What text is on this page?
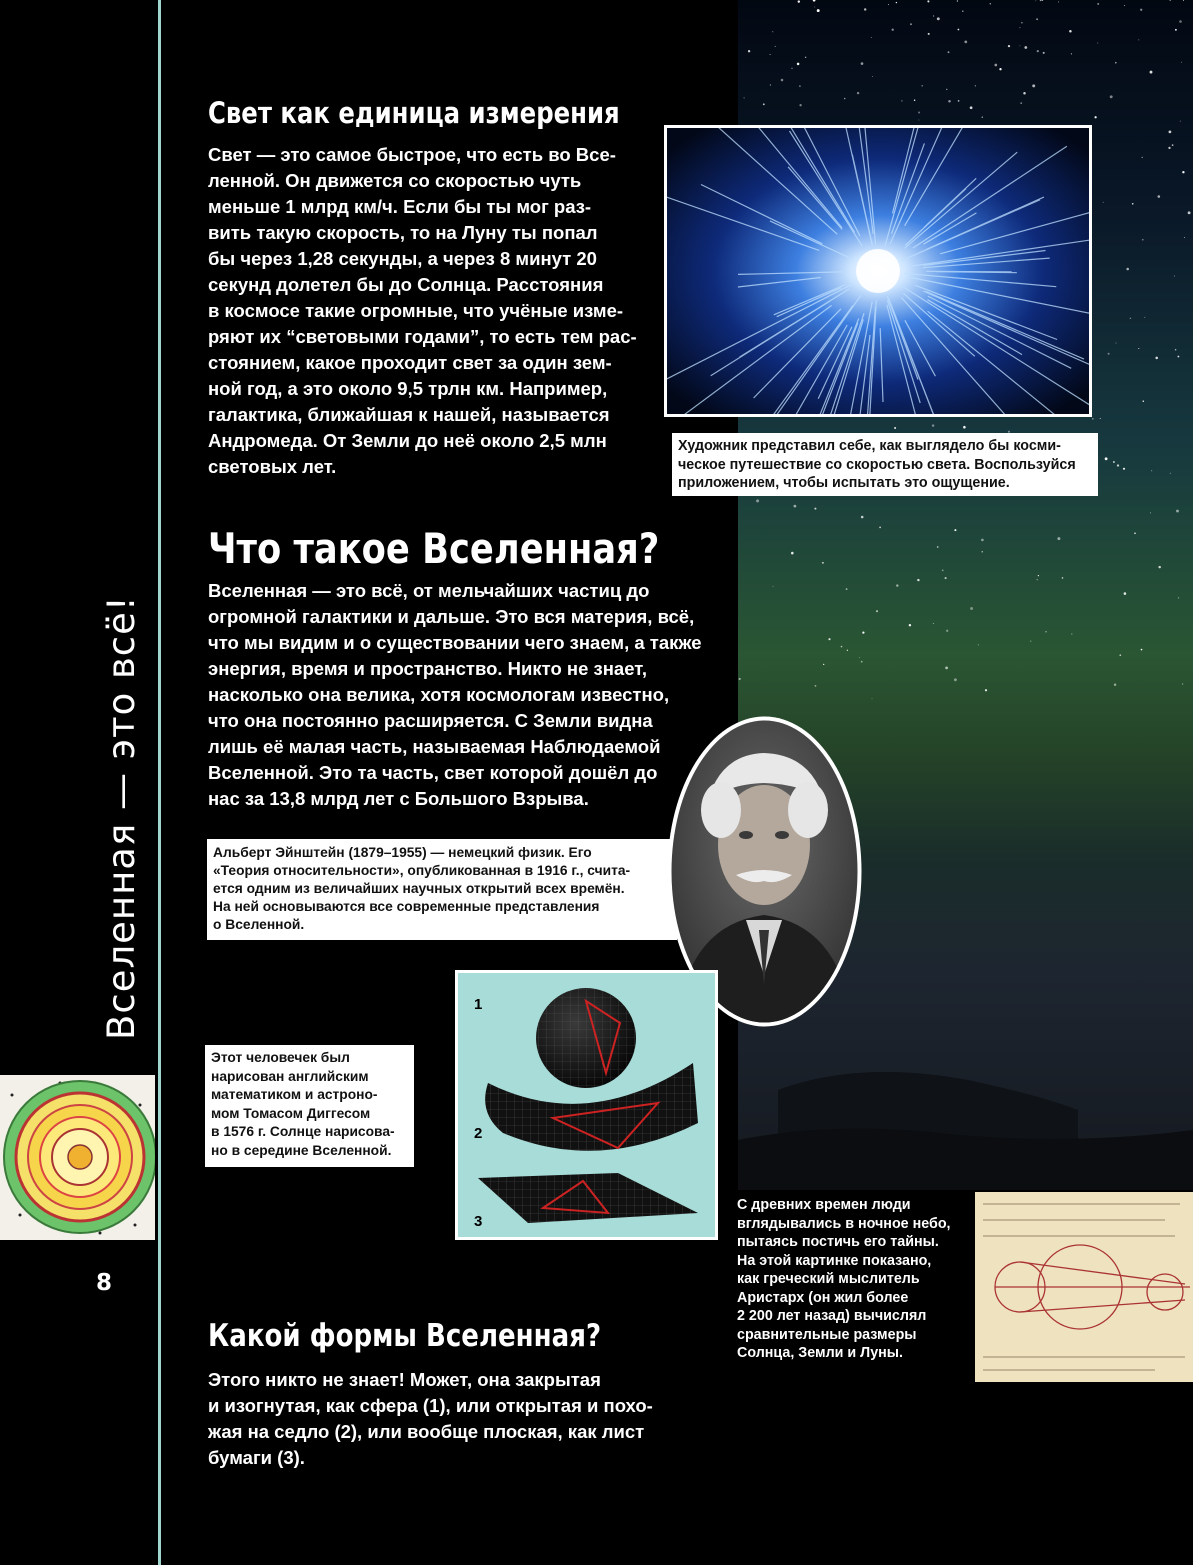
Вселенная — это всё!
8
Свет как единица измерения
Свет — это самое быстрое, что есть во Все-
ленной. Он движется со скоростью чуть
меньше 1 млрд км/ч. Если бы ты мог раз-
вить такую скорость, то на Луну ты попал
бы через 1,28 секунды, а через 8 минут 20
секунд долетел бы до Солнца. Расстояния
в космосе такие огромные, что учёные изме-
ряют их “световыми годами”, то есть тем рас-
стоянием, какое проходит свет за один зем-
ной год, а это около 9,5 трлн км. Например,
галактика, ближайшая к нашей, называется
Андромеда. От Земли до неё около 2,5 млн
световых лет.
Художник представил себе, как выглядело бы косми-
ческое путешествие со скоростью света. Воспользуйся
приложением, чтобы испытать это ощущение.
Что такое Вселенная?
Вселенная — это всё, от мельчайших частиц до
огромной галактики и дальше. Это вся материя, всё,
что мы видим и о существовании чего знаем, а также
энергия, время и пространство. Никто не знает,
насколько она велика, хотя космологам известно,
что она постоянно расширяется. С Земли видна
лишь её малая часть, называемая Наблюдаемой
Вселенной. Это та часть, свет которой дошёл до
нас за 13,8 млрд лет с Большого Взрыва.
Альберт Эйнштейн (1879–1955) — немецкий физик. Его
«Теория относительности», опубликованная в 1916 г., счита-
ется одним из величайших научных открытий всех времён.
На ней основываются все современные представления
о Вселенной.
Этот человечек был
нарисован английским
математиком и астроно-
мом Томасом Диггесом
в 1576 г. Солнце нарисова-
но в середине Вселенной.
1
2
3
С древних времен люди
вглядывались в ночное небо,
пытаясь постичь его тайны.
На этой картинке показано,
как греческий мыслитель
Аристарх (он жил более
2 200 лет назад) вычислял
сравнительные размеры
Солнца, Земли и Луны.
Какой формы Вселенная?
Этого никто не знает! Может, она закрытая
и изогнутая, как сфера (1), или открытая и похо-
жая на седло (2), или вообще плоская, как лист
бумаги (3).
